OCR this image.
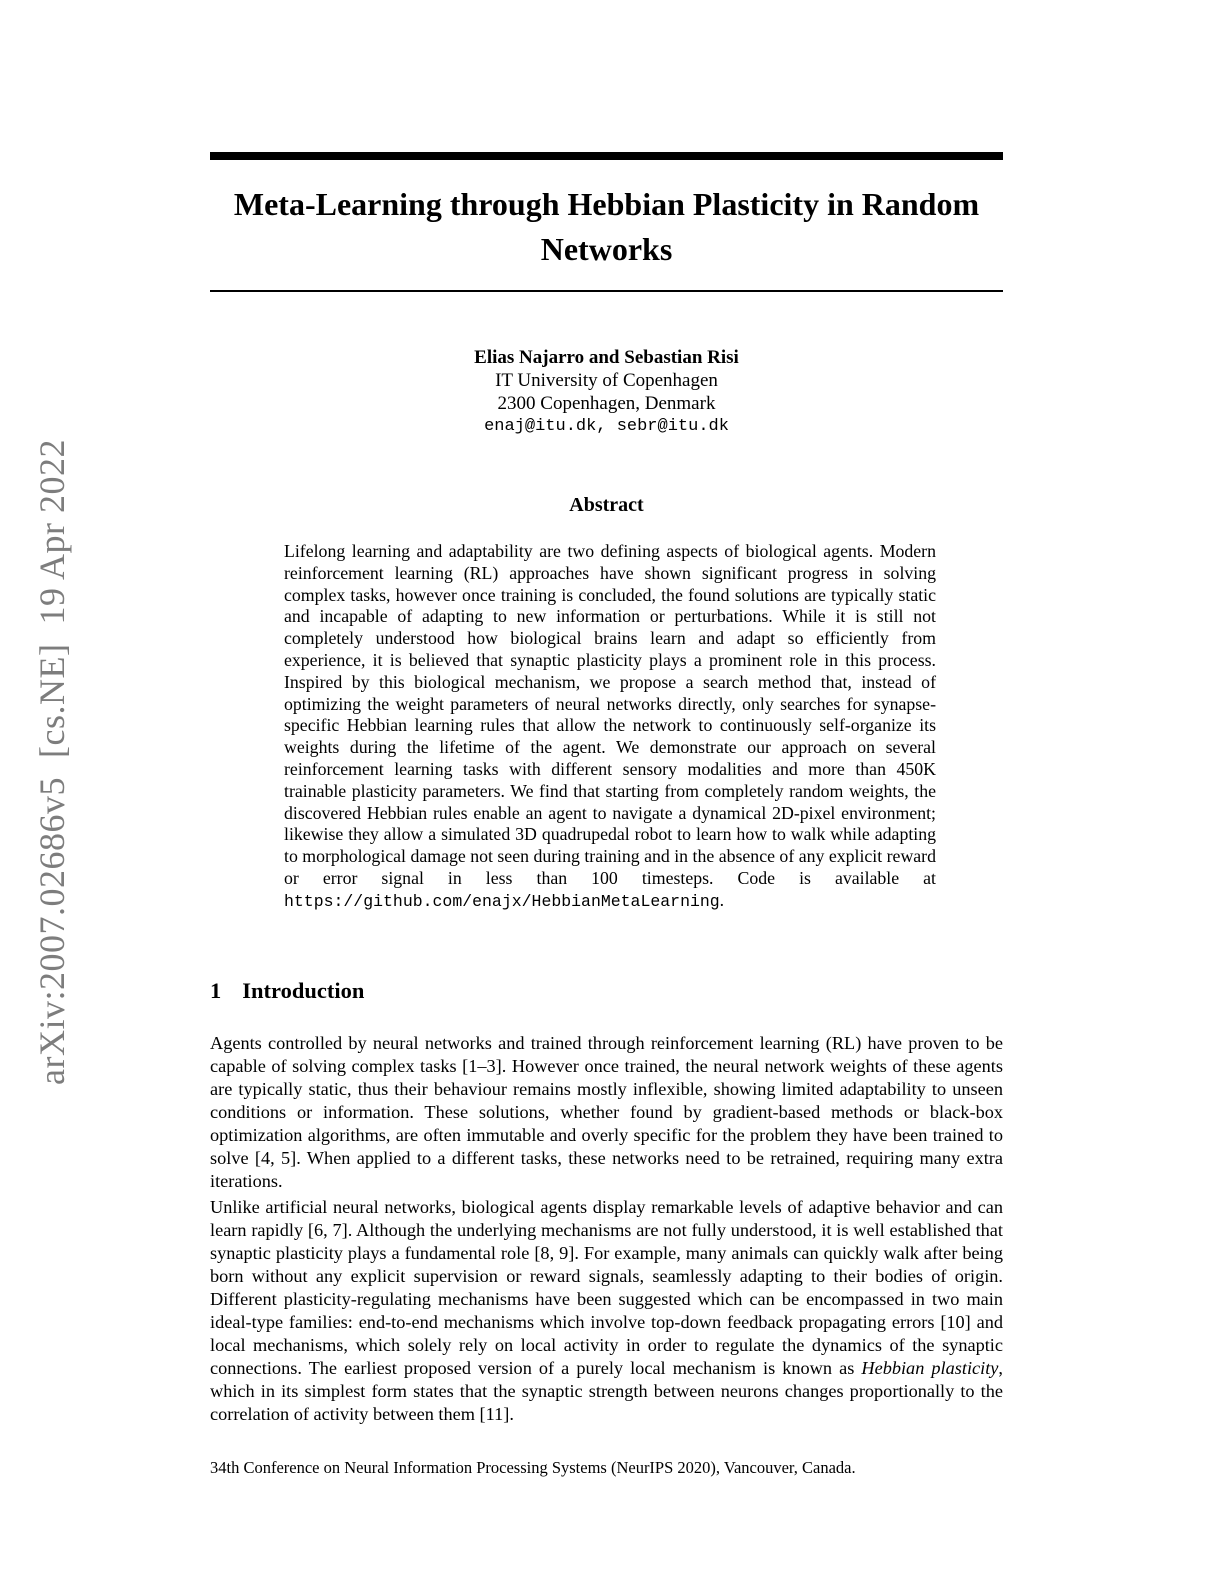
arXiv:2007.02686v5  [cs.NE]  19 Apr 2022
Meta-Learning through Hebbian Plasticity in Random Networks
Elias Najarro and Sebastian Risi
IT University of Copenhagen
2300 Copenhagen, Denmark
enaj@itu.dk, sebr@itu.dk
Abstract

Lifelong learning and adaptability are two defining aspects of biological agents. Modern reinforcement learning (RL) approaches have shown significant progress in solving complex tasks, however once training is concluded, the found solutions are typically static and incapable of adapting to new information or perturbations. While it is still not completely understood how biological brains learn and adapt so efficiently from experience, it is believed that synaptic plasticity plays a prominent role in this process. Inspired by this biological mechanism, we propose a search method that, instead of optimizing the weight parameters of neural networks directly, only searches for synapse-specific Hebbian learning rules that allow the network to continuously self-organize its weights during the lifetime of the agent. We demonstrate our approach on several reinforcement learning tasks with different sensory modalities and more than 450K trainable plasticity parameters. We find that starting from completely random weights, the discovered Hebbian rules enable an agent to navigate a dynamical 2D-pixel environment; likewise they allow a simulated 3D quadrupedal robot to learn how to walk while adapting to morphological damage not seen during training and in the absence of any explicit reward or error signal in less than 100 timesteps. Code is available at https://github.com/enajx/HebbianMetaLearning.

1 Introduction

Agents controlled by neural networks and trained through reinforcement learning (RL) have proven to be capable of solving complex tasks [1–3]. However once trained, the neural network weights of these agents are typically static, thus their behaviour remains mostly inflexible, showing limited adaptability to unseen conditions or information. These solutions, whether found by gradient-based methods or black-box optimization algorithms, are often immutable and overly specific for the problem they have been trained to solve [4, 5]. When applied to a different tasks, these networks need to be retrained, requiring many extra iterations.

Unlike artificial neural networks, biological agents display remarkable levels of adaptive behavior and can learn rapidly [6, 7]. Although the underlying mechanisms are not fully understood, it is well established that synaptic plasticity plays a fundamental role [8, 9]. For example, many animals can quickly walk after being born without any explicit supervision or reward signals, seamlessly adapting to their bodies of origin. Different plasticity-regulating mechanisms have been suggested which can be encompassed in two main ideal-type families: end-to-end mechanisms which involve top-down feedback propagating errors [10] and local mechanisms, which solely rely on local activity in order to regulate the dynamics of the synaptic connections. The earliest proposed version of a purely local mechanism is known as Hebbian plasticity, which in its simplest form states that the synaptic strength between neurons changes proportionally to the correlation of activity between them [11].

34th Conference on Neural Information Processing Systems (NeurIPS 2020), Vancouver, Canada.
